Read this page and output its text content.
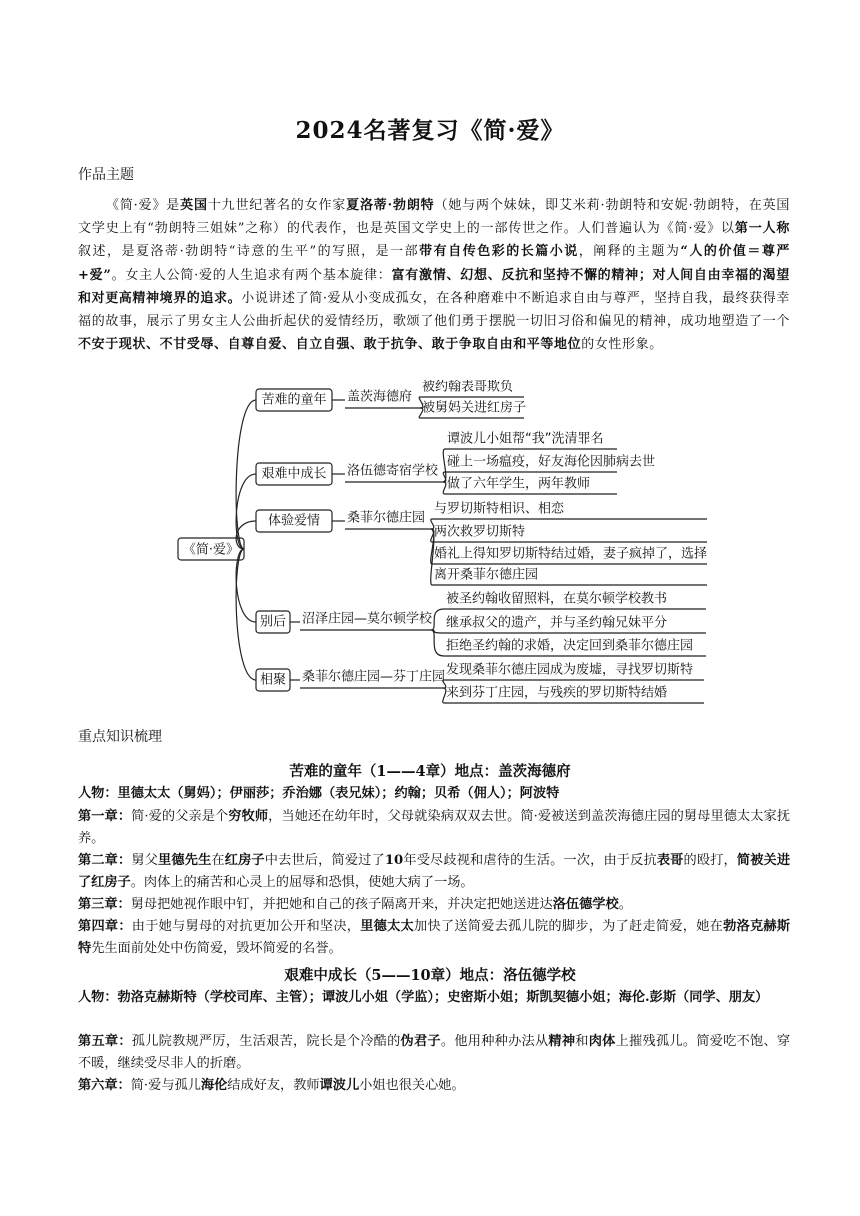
2024名著复习《简·爱》
作品主题
《简·爱》是英国十九世纪著名的女作家夏洛蒂·勃朗特（她与两个妹妹，即艾米莉·勃朗特和安妮·勃朗特，在英国文学史上有“勃朗特三姐妹”之称）的代表作，也是英国文学史上的一部传世之作。人们普遍认为《简·爱》以第一人称叙述，是夏洛蒂·勃朗特“诗意的生平”的写照，是一部带有自传色彩的长篇小说，阐释的主题为“人的价值＝尊严+爱”。女主人公简·爱的人生追求有两个基本旋律：富有激情、幻想、反抗和坚持不懈的精神；对人间自由幸福的渴望和对更高精神境界的追求。小说讲述了简·爱从小变成孤女，在各种磨难中不断追求自由与尊严，坚持自我，最终获得幸福的故事，展示了男女主人公曲折起伏的爱情经历，歌颂了他们勇于摆脱一切旧习俗和偏见的精神，成功地塑造了一个不安于现状、不甘受辱、自尊自爱、自立自强、敢于抗争、敢于争取自由和平等地位的女性形象。
《简·爱》
苦难的童年 盖茨海德府
被约翰表哥欺负
被舅妈关进红房子
艰难中成长 洛伍德寄宿学校
谭波儿小姐帮“我”洗清罪名
碰上一场瘟疫，好友海伦因肺病去世
做了六年学生，两年教师
体验爱情 桑菲尔德庄园
与罗切斯特相识、相恋
两次救罗切斯特
婚礼上得知罗切斯特结过婚，妻子疯掉了，选择
离开桑菲尔德庄园
别后 沼泽庄园—莫尔顿学校
被圣约翰收留照料，在莫尔顿学校教书
继承叔父的遗产，并与圣约翰兄妹平分
拒绝圣约翰的求婚，决定回到桑菲尔德庄园
相聚 桑菲尔德庄园—芬丁庄园 发现桑菲尔德庄园成为废墟，寻找罗切斯特
来到芬丁庄园，与残疾的罗切斯特结婚
重点知识梳理
苦难的童年（1——4章）地点：盖茨海德府
人物：里德太太（舅妈）；伊丽莎；乔治娜（表兄妹）；约翰；贝希（佣人）；阿波特
第一章：简·爱的父亲是个穷牧师，当她还在幼年时，父母就染病双双去世。简·爱被送到盖茨海德庄园的舅母里德太太家抚养。
第二章：舅父里德先生在红房子中去世后，简爱过了10年受尽歧视和虐待的生活。一次，由于反抗表哥的殴打，简被关进了红房子。肉体上的痛苦和心灵上的屈辱和恐惧，使她大病了一场。
第三章：舅母把她视作眼中钉，并把她和自己的孩子隔离开来，并决定把她送进达洛伍德学校。
第四章：由于她与舅母的对抗更加公开和坚决，里德太太加快了送简爱去孤儿院的脚步，为了赶走简爱，她在勃洛克赫斯特先生面前处处中伤简爱，毁坏简爱的名誉。
艰难中成长（5——10章）地点：洛伍德学校
人物：勃洛克赫斯特（学校司库、主管）；谭波儿小姐（学监）；史密斯小姐；斯凯契德小姐；海伦.彭斯（同学、朋友）
第五章：孤儿院教规严厉，生活艰苦，院长是个冷酷的伪君子。他用种种办法从精神和肉体上摧残孤儿。简爱吃不饱、穿不暖，继续受尽非人的折磨。
第六章：简·爱与孤儿海伦结成好友，教师谭波儿小姐也很关心她。
